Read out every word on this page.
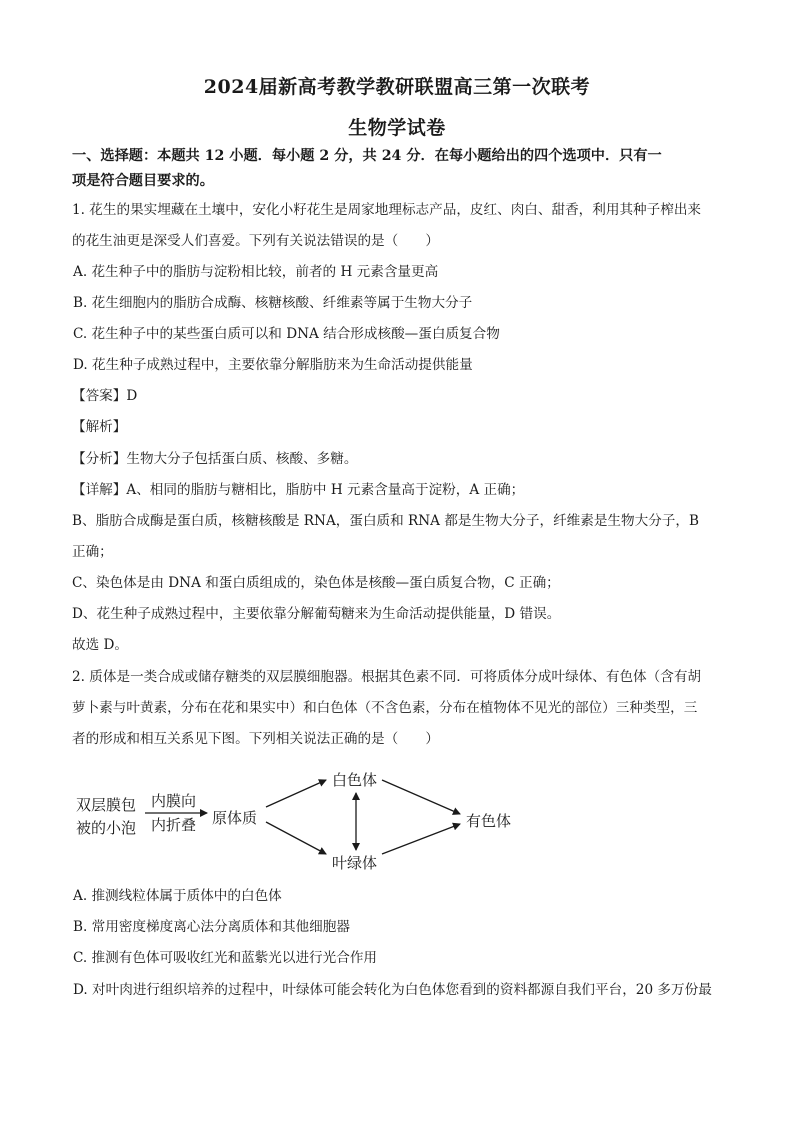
2024届新高考教学教研联盟高三第一次联考
生物学试卷
一、选择题：本题共 12 小题．每小题 2 分，共 24 分．在每小题给出的四个选项中．只有一
项是符合题目要求的。
1. 花生的果实埋藏在土壤中，安化小籽花生是周家地理标志产品，皮红、肉白、甜香，利用其种子榨出来
的花生油更是深受人们喜爱。下列有关说法错误的是（　　）
A. 花生种子中的脂肪与淀粉相比较，前者的 H 元素含量更高
B. 花生细胞内的脂肪合成酶、核糖核酸、纤维素等属于生物大分子
C. 花生种子中的某些蛋白质可以和 DNA 结合形成核酸—蛋白质复合物
D. 花生种子成熟过程中，主要依靠分解脂肪来为生命活动提供能量
【答案】D
【解析】
【分析】生物大分子包括蛋白质、核酸、多糖。
【详解】A、相同的脂肪与糖相比，脂肪中 H 元素含量高于淀粉，A 正确；
B、脂肪合成酶是蛋白质，核糖核酸是 RNA，蛋白质和 RNA 都是生物大分子，纤维素是生物大分子，B
正确；
C、染色体是由 DNA 和蛋白质组成的，染色体是核酸—蛋白质复合物，C 正确；
D、花生种子成熟过程中，主要依靠分解葡萄糖来为生命活动提供能量，D 错误。
故选 D。
2. 质体是一类合成或储存糖类的双层膜细胞器。根据其色素不同．可将质体分成叶绿体、有色体（含有胡
萝卜素与叶黄素，分布在花和果实中）和白色体（不含色素，分布在植物体不见光的部位）三种类型，三
者的形成和相互关系见下图。下列相关说法正确的是（　　）
双层膜包
被的小泡
内膜向
内折叠 原体质
白色体
有色体
叶绿体
A. 推测线粒体属于质体中的白色体
B. 常用密度梯度离心法分离质体和其他细胞器
C. 推测有色体可吸收红光和蓝紫光以进行光合作用
D. 对叶肉进行组织培养的过程中，叶绿体可能会转化为白色体您看到的资料都源自我们平台，20 多万份最
